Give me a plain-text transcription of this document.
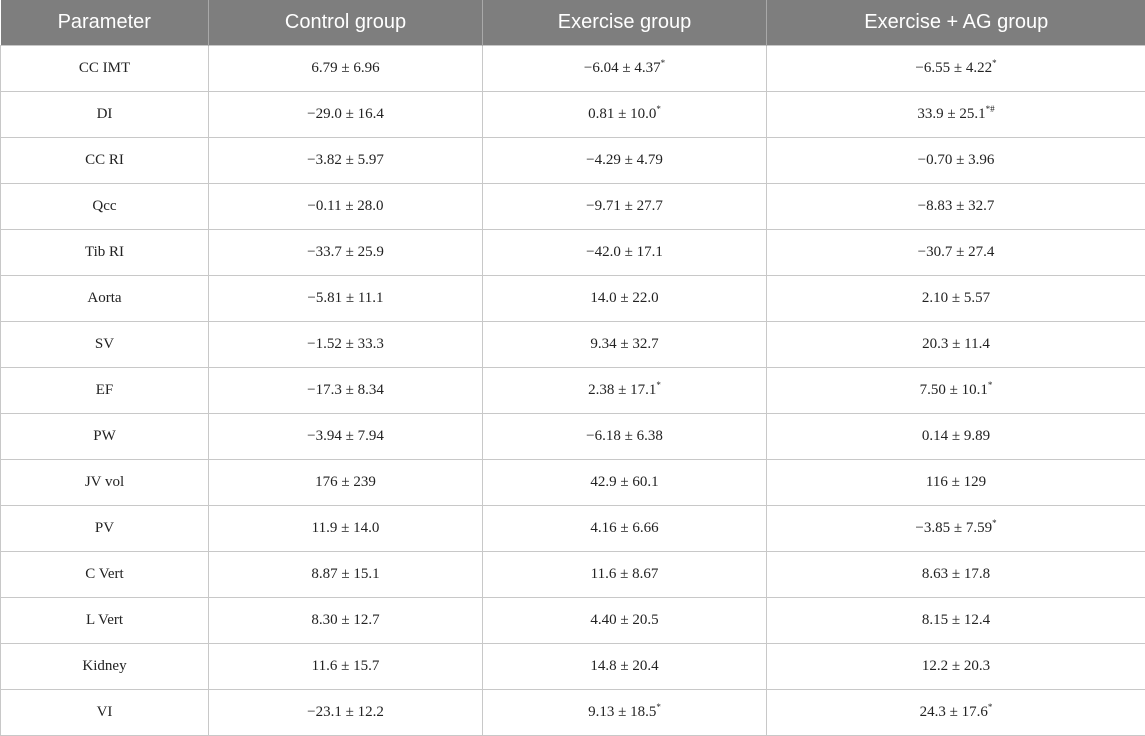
Parameter	Control group	Exercise group	Exercise + AG group
CC IMT	6.79 ± 6.96	−6.04 ± 4.37*	−6.55 ± 4.22*
DI	−29.0 ± 16.4	0.81 ± 10.0*	33.9 ± 25.1*#
CC RI	−3.82 ± 5.97	−4.29 ± 4.79	−0.70 ± 3.96
Qcc	−0.11 ± 28.0	−9.71 ± 27.7	−8.83 ± 32.7
Tib RI	−33.7 ± 25.9	−42.0 ± 17.1	−30.7 ± 27.4
Aorta	−5.81 ± 11.1	14.0 ± 22.0	2.10 ± 5.57
SV	−1.52 ± 33.3	9.34 ± 32.7	20.3 ± 11.4
EF	−17.3 ± 8.34	2.38 ± 17.1*	7.50 ± 10.1*
PW	−3.94 ± 7.94	−6.18 ± 6.38	0.14 ± 9.89
JV vol	176 ± 239	42.9 ± 60.1	116 ± 129
PV	11.9 ± 14.0	4.16 ± 6.66	−3.85 ± 7.59*
C Vert	8.87 ± 15.1	11.6 ± 8.67	8.63 ± 17.8
L Vert	8.30 ± 12.7	4.40 ± 20.5	8.15 ± 12.4
Kidney	11.6 ± 15.7	14.8 ± 20.4	12.2 ± 20.3
VI	−23.1 ± 12.2	9.13 ± 18.5*	24.3 ± 17.6*
